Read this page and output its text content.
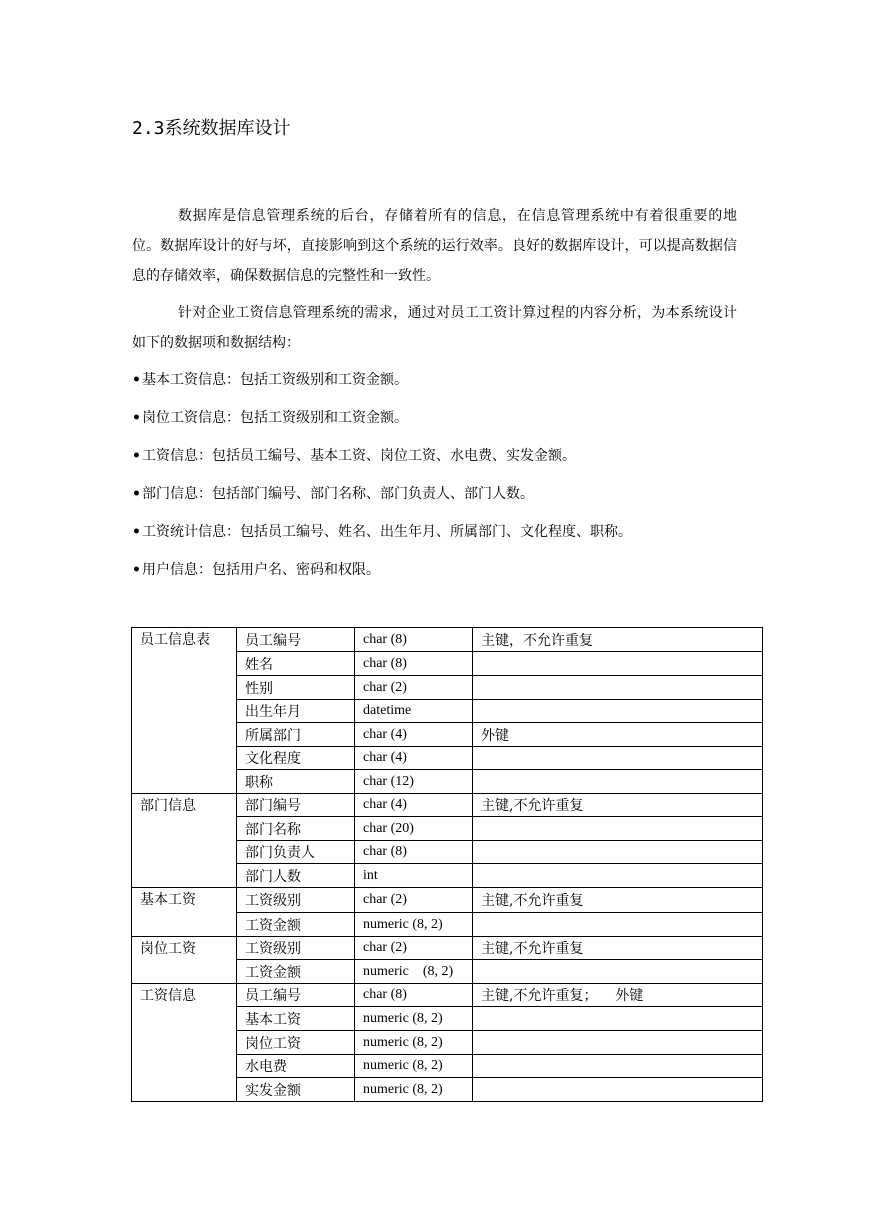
2.3系统数据库设计

数据库是信息管理系统的后台，存储着所有的信息，在信息管理系统中有着很重要的地位。数据库设计的好与坏，直接影响到这个系统的运行效率。良好的数据库设计，可以提高数据信息的存储效率，确保数据信息的完整性和一致性。

针对企业工资信息管理系统的需求，通过对员工工资计算过程的内容分析，为本系统设计如下的数据项和数据结构：

•基本工资信息：包括工资级别和工资金额。
•岗位工资信息：包括工资级别和工资金额。
•工资信息：包括员工编号、基本工资、岗位工资、水电费、实发金额。
•部门信息：包括部门编号、部门名称、部门负责人、部门人数。
•工资统计信息：包括员工编号、姓名、出生年月、所属部门、文化程度、职称。
•用户信息：包括用户名、密码和权限。
员工信息表	员工编号	char (8)	主键，不允许重复
	姓名	char (8)	
	性别	char (2)	
	出生年月	datetime	
	所属部门	char (4)	外键
	文化程度	char (4)	
	职称	char (12)	
部门信息	部门编号	char (4)	主键,不允许重复
	部门名称	char (20)	
	部门负责人	char (8)	
	部门人数	int	
基本工资	工资级别	char (2)	主键,不允许重复
	工资金额	numeric (8, 2)	
岗位工资	工资级别	char (2)	主键,不允许重复
	工资金额	numeric    (8, 2)	
工资信息	员工编号	char (8)	主键,不允许重复；    外键
	基本工资	numeric (8, 2)	
	岗位工资	numeric (8, 2)	
	水电费	numeric (8, 2)	
	实发金额	numeric (8, 2)	
